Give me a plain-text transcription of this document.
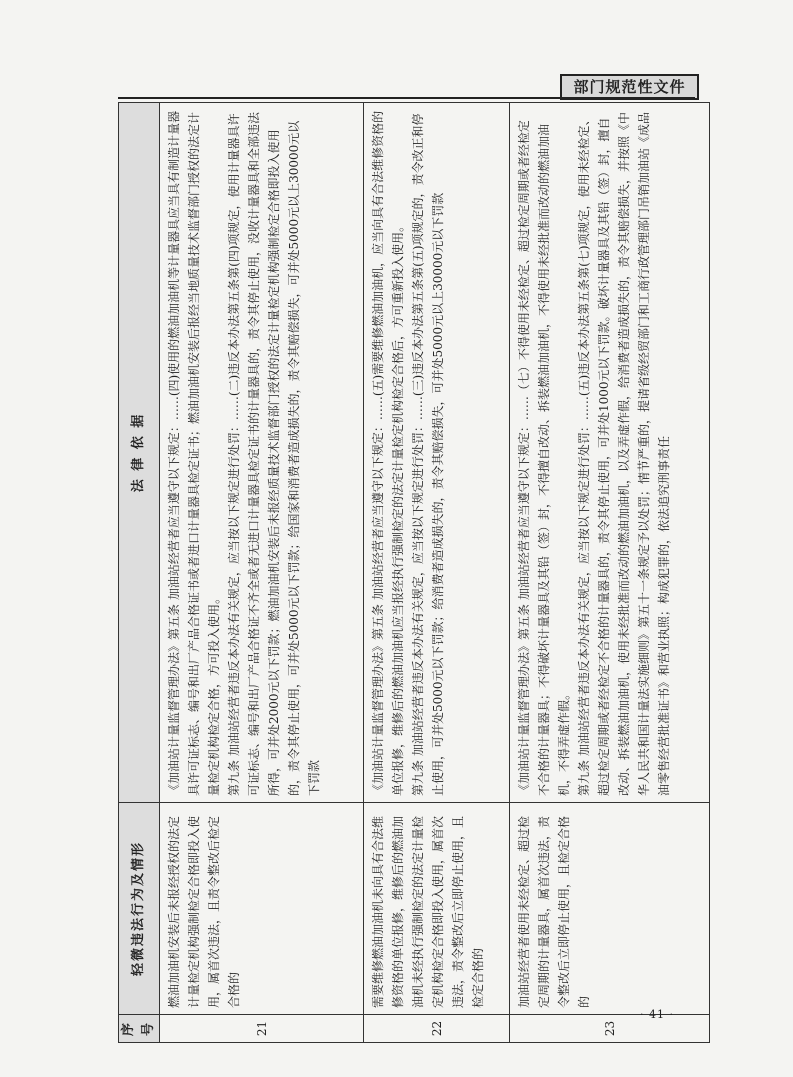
部门规范性文件
序号	轻微违法行为及情形	法 律 依 据
21	燃油加油机安装后未报经授权的法定计量检定机构强制检定合格即投入使用，属首次违法，且责令整改后检定合格的	《加油站计量监督管理办法》第五条 加油站经营者应当遵守以下规定：……(四)使用的燃油加油机等计量器具应当具有制造计量器具许可证标志、编号和出厂产品合格证书或者进口计量器具检定证书；燃油加油机安装后报经当地质量技术监督部门授权的法定计量检定机构检定合格，方可投入使用。 第九条 加油站经营者违反本办法有关规定，应当按以下规定进行处罚：……(二)违反本办法第五条第(四)项规定，使用计量器具许可证标志、编号和出厂产品合格证不齐全或者无进口计量器具检定证书的计量器具的，责令其停止使用，没收计量器具和全部违法所得，可并处2000元以下罚款；燃油加油机安装后未报经质量技术监督部门授权的法定计量检定机构强制检定合格即投入使用的，责令其停止使用，可并处5000元以下罚款；给国家和消费者造成损失的，责令其赔偿损失，可并处5000元以上30000元以下罚款

22	需要维修燃油加油机未向具有合法维修资格的单位报修，维修后的燃油加油机未经执行强制检定的法定计量检定机构检定合格即投入使用，属首次违法，责令整改后立即停止使用，且检定合格的	《加油站计量监督管理办法》第五条 加油站经营者应当遵守以下规定：……(五)需要维修燃油加油机，应当向具有合法维修资格的单位报修，维修后的燃油加油机应当报经执行强制检定的法定计量检定机构检定合格后，方可重新投入使用。 第九条 加油站经营者违反本办法有关规定，应当按以下规定进行处罚：……(三)违反本办法第五条第(五)项规定的，责令改正和停止使用，可并处5000元以下罚款；给消费者造成损失的，责令其赔偿损失，可并处5000元以上30000元以下罚款

23	加油站经营者使用未经检定、超过检定周期的计量器具，属首次违法，责令整改后立即停止使用，且检定合格的	《加油站计量监督管理办法》第五条 加油站经营者应当遵守以下规定：……（七）不得使用未经检定、超过检定周期或者经检定不合格的计量器具；不得破坏计量器具及其铅（签）封，不得擅自改动、拆装燃油加油机，不得使用未经批准而改动的燃油加油机，不得弄虚作假。 第九条 加油站经营者违反本办法有关规定，应当按以下规定进行处罚：……(五)违反本办法第五条第(七)项规定，使用未经检定、超过检定周期或者经检定不合格的计量器具的，责令其停止使用，可并处1000元以下罚款。破坏计量器具及其铅（签）封，擅自改动、拆装燃油加油机，使用未经批准而改动的燃油加油机，以及弄虚作假，给消费者造成损失的，责令其赔偿损失，并按照《中华人民共和国计量法实施细则》第五十一条规定予以处罚；情节严重的，提请省级经贸部门和工商行政管理部门吊销加油站《成品油零售经营批准证书》和营业执照；构成犯罪的，依法追究刑事责任

· 41 ·
